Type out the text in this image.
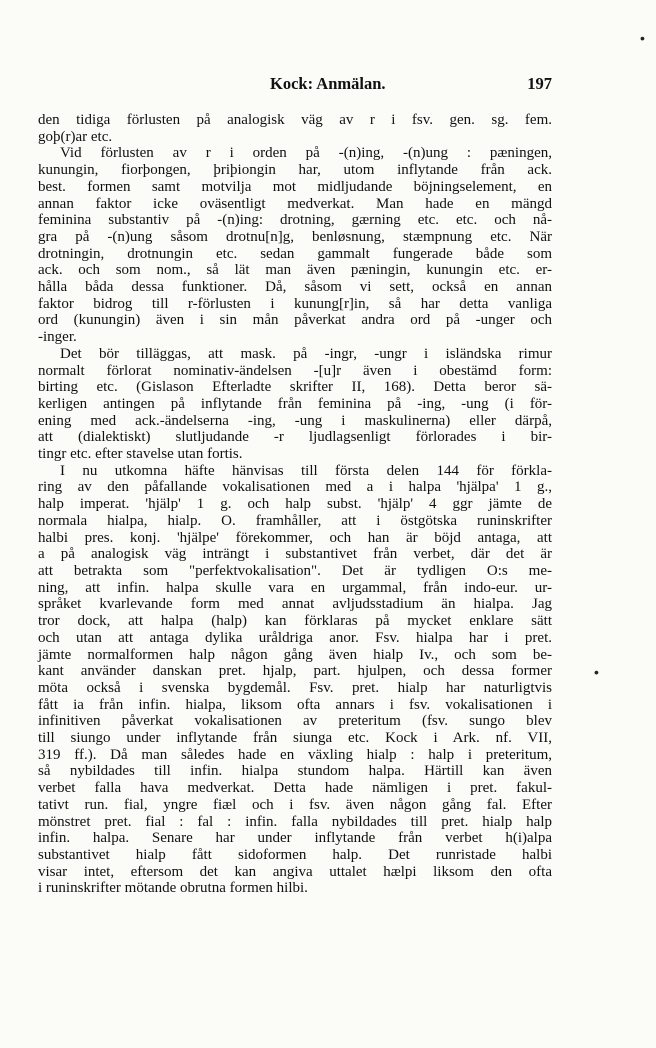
Kock: Anmälan.	197
•
•

den tidiga förlusten på analogisk väg av r i fsv. gen. sg. fem.
goþ(r)ar etc.

Vid förlusten av r i orden på -(n)ing, -(n)ung : pæningen,
kunungin, fiorþongen, þriþiongin har, utom inflytande från ack.
best. formen samt motvilja mot midljudande böjningselement, en
annan faktor icke oväsentligt medverkat. Man hade en mängd
feminina substantiv på -(n)ing: drotning, gærning etc. etc. och nå-
gra på -(n)ung såsom drotnu[n]g, benløsnung, stæmpnung etc. När
drotningin, drotnungin etc. sedan gammalt fungerade både som
ack. och som nom., så lät man även pæningin, kunungin etc. er-
hålla båda dessa funktioner. Då, såsom vi sett, också en annan
faktor bidrog till r-förlusten i kunung[r]in, så har detta vanliga
ord (kunungin) även i sin mån påverkat andra ord på -unger och
-inger.

Det bör tilläggas, att mask. på -ingr, -ungr i isländska rimur
normalt förlorat nominativ-ändelsen -[u]r även i obestämd form:
birting etc. (Gislason Efterladte skrifter II, 168). Detta beror sä-
kerligen antingen på inflytande från feminina på -ing, -ung (i för-
ening med ack.-ändelserna -ing, -ung i maskulinerna) eller därpå,
att (dialektiskt) slutljudande -r ljudlagsenligt förlorades i bir-
tingr etc. efter stavelse utan fortis.

I nu utkomna häfte hänvisas till första delen 144 för förkla-
ring av den påfallande vokalisationen med a i halpa 'hjälpa' 1 g.,
halp imperat. 'hjälp' 1 g. och halp subst. 'hjälp' 4 ggr jämte de
normala hialpa, hialp. O. framhåller, att i östgötska runinskrifter
halbi pres. konj. 'hjälpe' förekommer, och han är böjd antaga, att
a på analogisk väg inträngt i substantivet från verbet, där det är
att betrakta som "perfektvokalisation". Det är tydligen O:s me-
ning, att infin. halpa skulle vara en urgammal, från indo-eur. ur-
språket kvarlevande form med annat avljudsstadium än hialpa. Jag
tror dock, att halpa (halp) kan förklaras på mycket enklare sätt
och utan att antaga dylika uråldriga anor. Fsv. hialpa har i pret.
jämte normalformen halp någon gång även hialp Iv., och som be-
kant använder danskan pret. hjalp, part. hjulpen, och dessa former
möta också i svenska bygdemål. Fsv. pret. hialp har naturligtvis
fått ia från infin. hialpa, liksom ofta annars i fsv. vokalisationen i
infinitiven påverkat vokalisationen av preteritum (fsv. sungo blev
till siungo under inflytande från siunga etc. Kock i Ark. nf. VII,
319 ff.). Då man således hade en växling hialp : halp i preteritum,
så nybildades till infin. hialpa stundom halpa. Härtill kan även
verbet falla hava medverkat. Detta hade nämligen i pret. fakul-
tativt run. fial, yngre fiæl och i fsv. även någon gång fal. Efter
mönstret pret. fial : fal : infin. falla nybildades till pret. hialp halp
infin. halpa. Senare har under inflytande från verbet h(i)alpa
substantivet hialp fått sidoformen halp. Det runristade halbi
visar intet, eftersom det kan angiva uttalet hælpi liksom den ofta
i runinskrifter mötande obrutna formen hilbi.
